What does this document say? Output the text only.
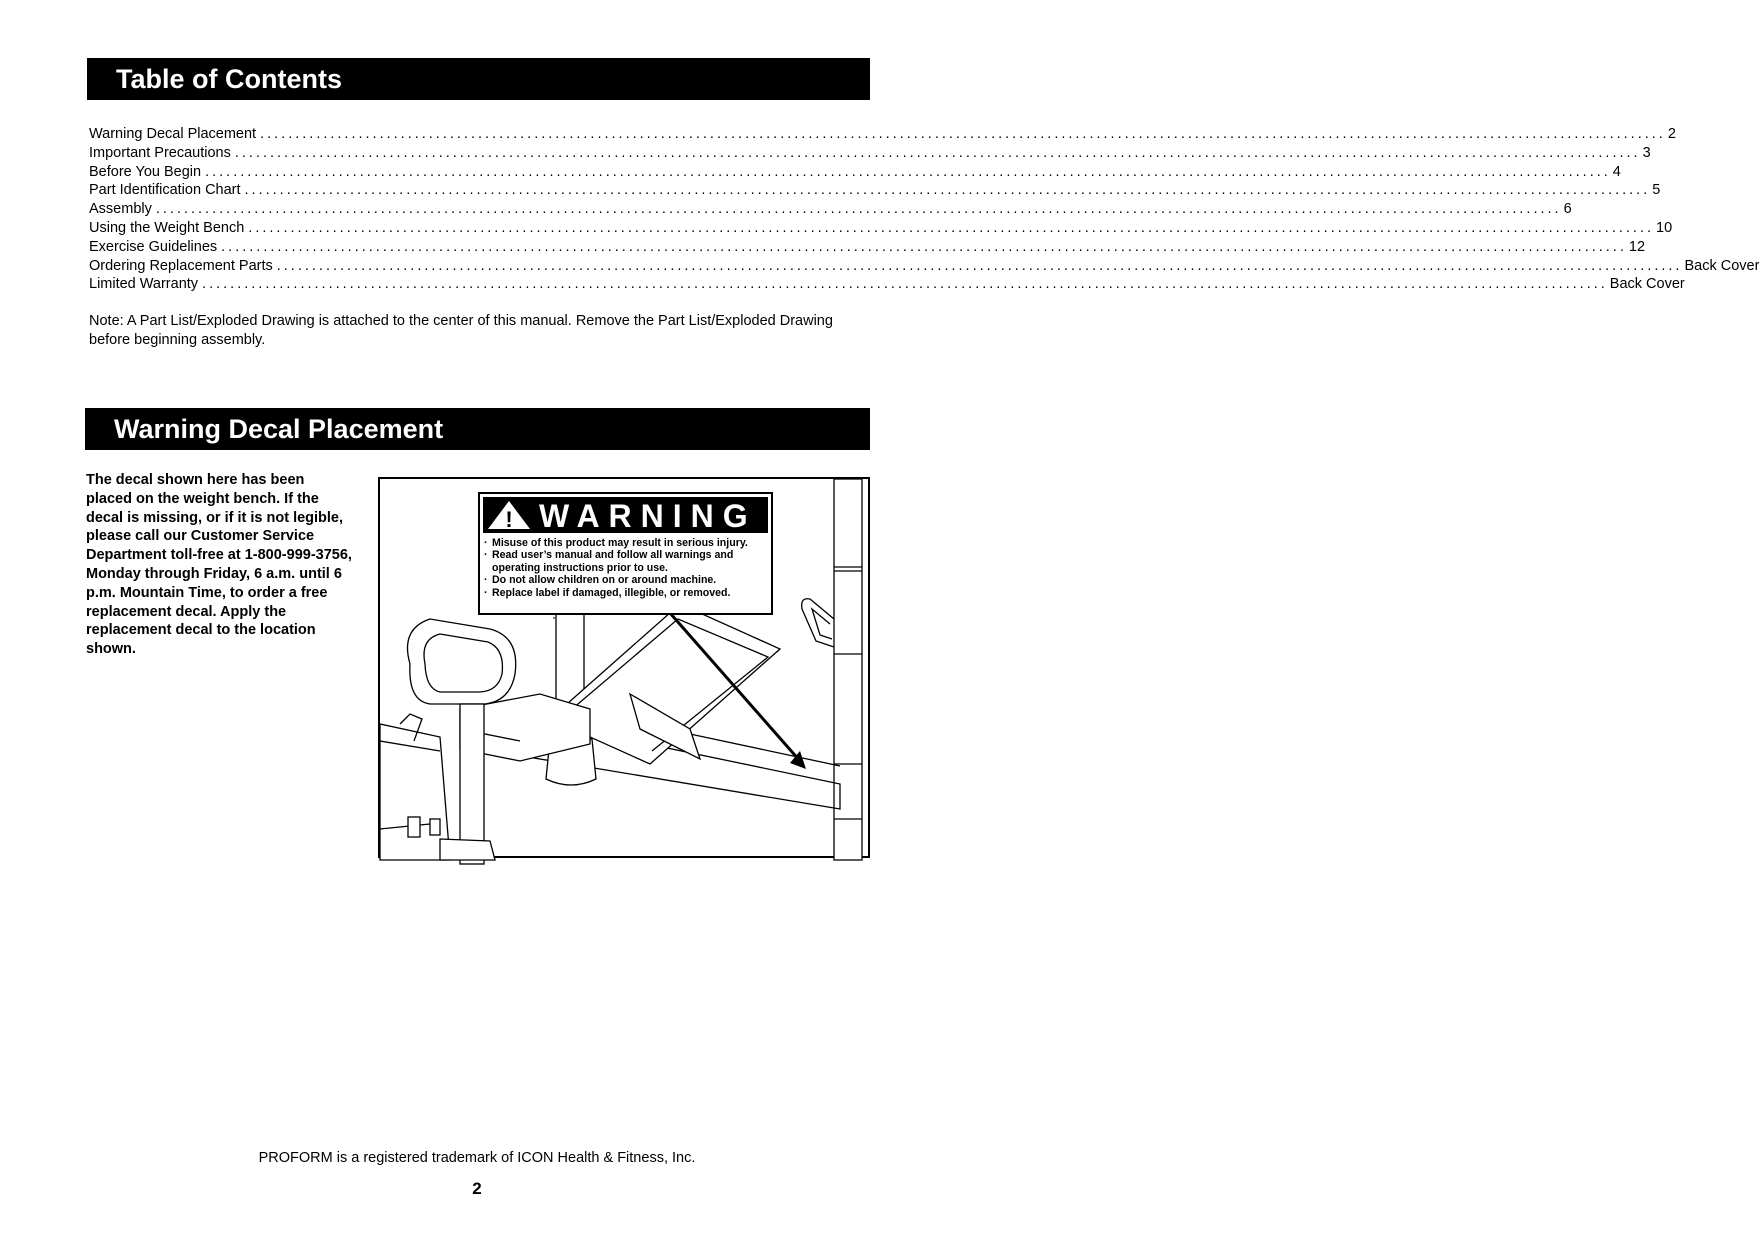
Table of Contents
Warning Decal Placement ........................................................................................................................................................................................................ 2
Important Precautions ........................................................................................................................................................................................................ 3
Before You Begin ........................................................................................................................................................................................................ 4
Part Identification Chart ........................................................................................................................................................................................................ 5
Assembly ........................................................................................................................................................................................................ 6
Using the Weight Bench ........................................................................................................................................................................................................ 10
Exercise Guidelines ........................................................................................................................................................................................................ 12
Ordering Replacement Parts ........................................................................................................................................................................................................ Back Cover
Limited Warranty ........................................................................................................................................................................................................ Back Cover
Note: A Part List/Exploded Drawing is attached to the center of this manual. Remove the Part List/Exploded Drawing before beginning assembly.
Warning Decal Placement
The decal shown here has been placed on the weight bench. If the decal is missing, or if it is not legible, please call our Customer Service Department toll-free at 1-800-999-3756, Monday through Friday, 6 a.m. until 6 p.m. Mountain Time, to order a free replacement decal. Apply the replacement decal to the location shown.
! WARNING
· Misuse of this product may result in serious injury.
· Read user’s manual and follow all warnings and operating instructions prior to use.
· Do not allow children on or around machine.
· Replace label if damaged, illegible, or removed.
PROFORM is a registered trademark of ICON Health & Fitness, Inc.
2
